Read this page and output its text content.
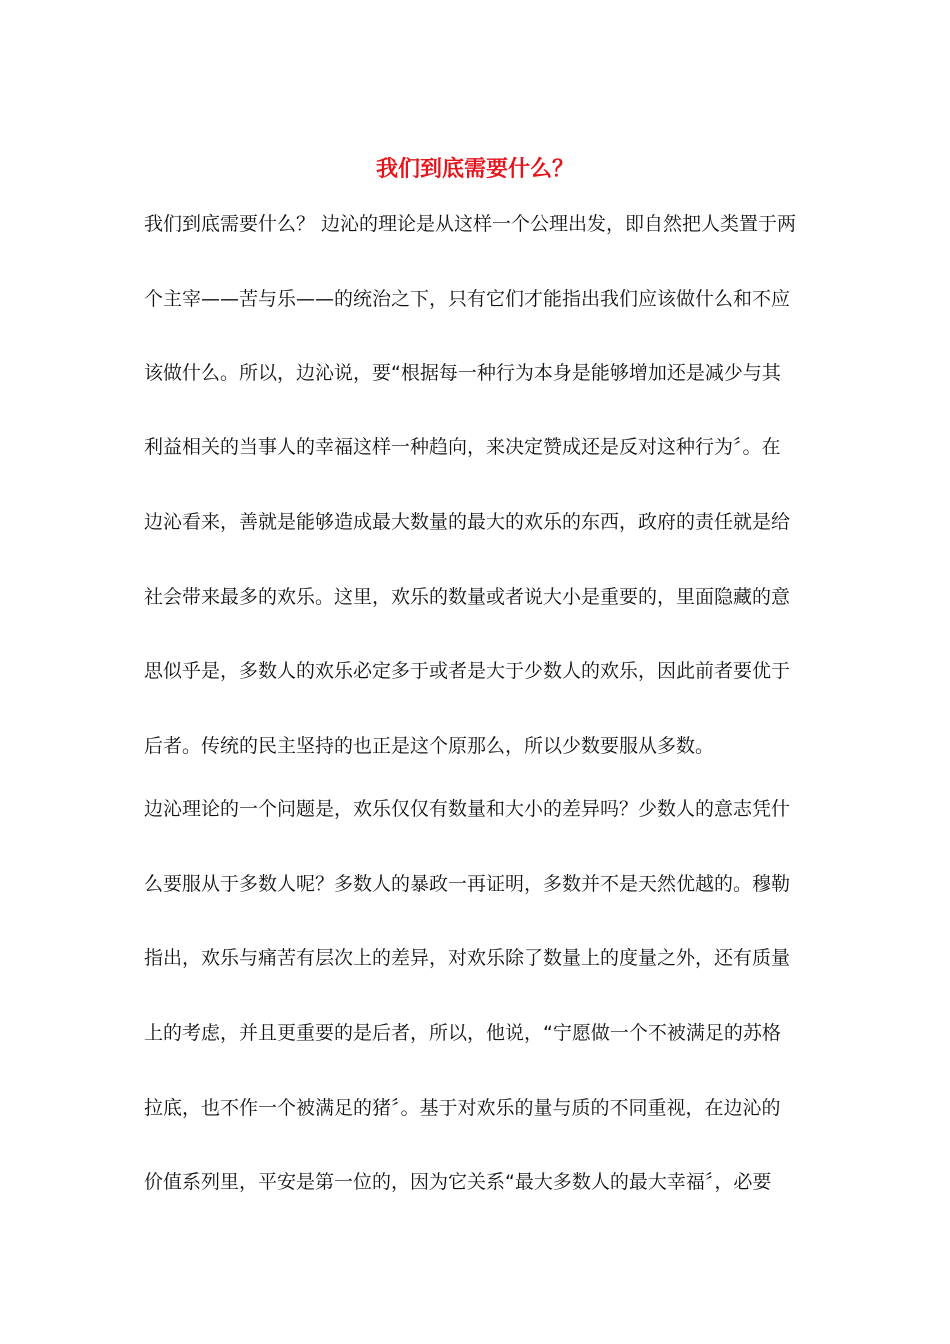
我们到底需要什么？
我们到底需要什么？ 边沁的理论是从这样一个公理出发，即自然把人类置于两
个主宰——苦与乐——的统治之下，只有它们才能指出我们应该做什么和不应
该做什么。所以，边沁说，要“根据每一种行为本身是能够增加还是减少与其
利益相关的当事人的幸福这样一种趋向，来决定赞成还是反对这种行为〞。在
边沁看来，善就是能够造成最大数量的最大的欢乐的东西，政府的责任就是给
社会带来最多的欢乐。这里，欢乐的数量或者说大小是重要的，里面隐藏的意
思似乎是，多数人的欢乐必定多于或者是大于少数人的欢乐，因此前者要优于
后者。传统的民主坚持的也正是这个原那么，所以少数要服从多数。
边沁理论的一个问题是，欢乐仅仅有数量和大小的差异吗？少数人的意志凭什
么要服从于多数人呢？多数人的暴政一再证明，多数并不是天然优越的。穆勒
指出，欢乐与痛苦有层次上的差异，对欢乐除了数量上的度量之外，还有质量
上的考虑，并且更重要的是后者，所以，他说，“宁愿做一个不被满足的苏格
拉底，也不作一个被满足的猪〞。基于对欢乐的量与质的不同重视，在边沁的
价值系列里，平安是第一位的，因为它关系“最大多数人的最大幸福〞，必要
